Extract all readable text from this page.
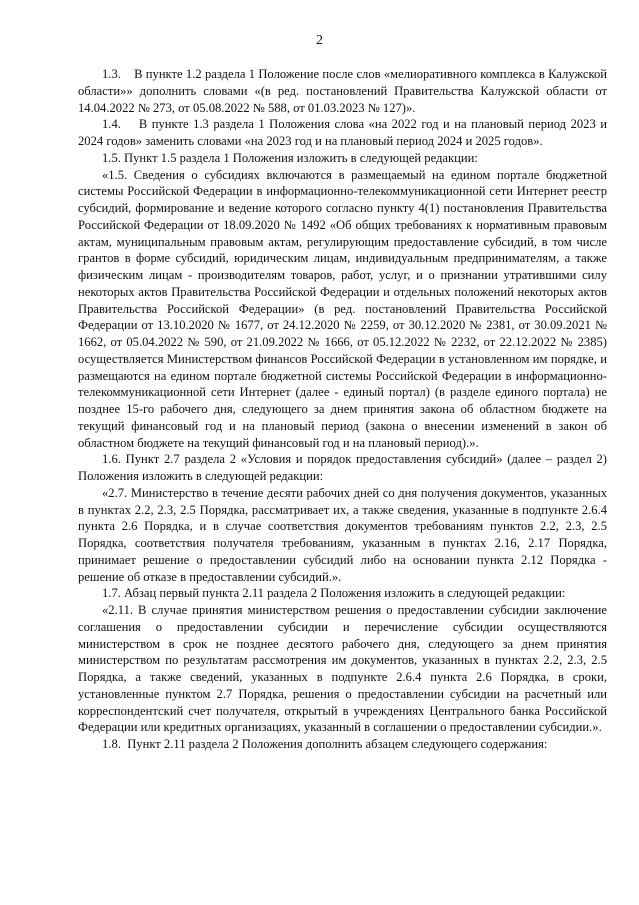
2

1.3.    В пункте 1.2 раздела 1 Положение после слов «мелиоративного комплекса в Калужской области»» дополнить словами «(в ред. постановлений Правительства Калужской области от 14.04.2022 № 273, от 05.08.2022 № 588, от 01.03.2023 № 127)».

1.4.    В пункте 1.3 раздела 1 Положения слова «на 2022 год и на плановый период 2023 и 2024 годов» заменить словами «на 2023 год и на плановый период 2024 и 2025 годов».

1.5. Пункт 1.5 раздела 1 Положения изложить в следующей редакции:

«1.5. Сведения о субсидиях включаются в размещаемый на едином портале бюджетной системы Российской Федерации в информационно-телекоммуникационной сети Интернет реестр субсидий, формирование и ведение которого согласно пункту 4(1) постановления Правительства Российской Федерации от 18.09.2020 № 1492 «Об общих требованиях к нормативным правовым актам, муниципальным правовым актам, регулирующим предоставление субсидий, в том числе грантов в форме субсидий, юридическим лицам, индивидуальным предпринимателям, а также физическим лицам - производителям товаров, работ, услуг, и о признании утратившими силу некоторых актов Правительства Российской Федерации и отдельных положений некоторых актов Правительства Российской Федерации» (в ред. постановлений Правительства Российской Федерации от 13.10.2020 № 1677, от 24.12.2020 № 2259, от 30.12.2020 № 2381, от 30.09.2021 № 1662, от 05.04.2022 № 590, от 21.09.2022 № 1666, от 05.12.2022 № 2232, от 22.12.2022 № 2385) осуществляется Министерством финансов Российской Федерации в установленном им порядке, и размещаются на едином портале бюджетной системы Российской Федерации в информационно-телекоммуникационной сети Интернет (далее - единый портал) (в разделе единого портала) не позднее 15-го рабочего дня, следующего за днем принятия закона об областном бюджете на текущий финансовый год и на плановый период (закона о внесении изменений в закон об областном бюджете на текущий финансовый год и на плановый период).».

1.6. Пункт 2.7 раздела 2 «Условия и порядок предоставления субсидий» (далее – раздел 2) Положения изложить в следующей редакции:

«2.7. Министерство в течение десяти рабочих дней со дня получения документов, указанных в пунктах 2.2, 2.3, 2.5 Порядка, рассматривает их, а также сведения, указанные в подпункте 2.6.4 пункта 2.6 Порядка, и в случае соответствия документов требованиям пунктов 2.2, 2.3, 2.5 Порядка, соответствия получателя требованиям, указанным в пунктах 2.16, 2.17 Порядка, принимает решение о предоставлении субсидий либо на основании пункта 2.12 Порядка - решение об отказе в предоставлении субсидий.».

1.7. Абзац первый пункта 2.11 раздела 2 Положения изложить в следующей редакции:

«2.11. В случае принятия министерством решения о предоставлении субсидии заключение соглашения о предоставлении субсидии и перечисление субсидии осуществляются министерством в срок не позднее десятого рабочего дня, следующего за днем принятия министерством по результатам рассмотрения им документов, указанных в пунктах 2.2, 2.3, 2.5 Порядка, а также сведений, указанных в подпункте 2.6.4 пункта 2.6 Порядка, в сроки, установленные пунктом 2.7 Порядка, решения о предоставлении субсидии на расчетный или корреспондентский счет получателя, открытый в учреждениях Центрального банка Российской Федерации или кредитных организациях, указанный в соглашении о предоставлении субсидии.».

1.8.  Пункт 2.11 раздела 2 Положения дополнить абзацем следующего содержания:
